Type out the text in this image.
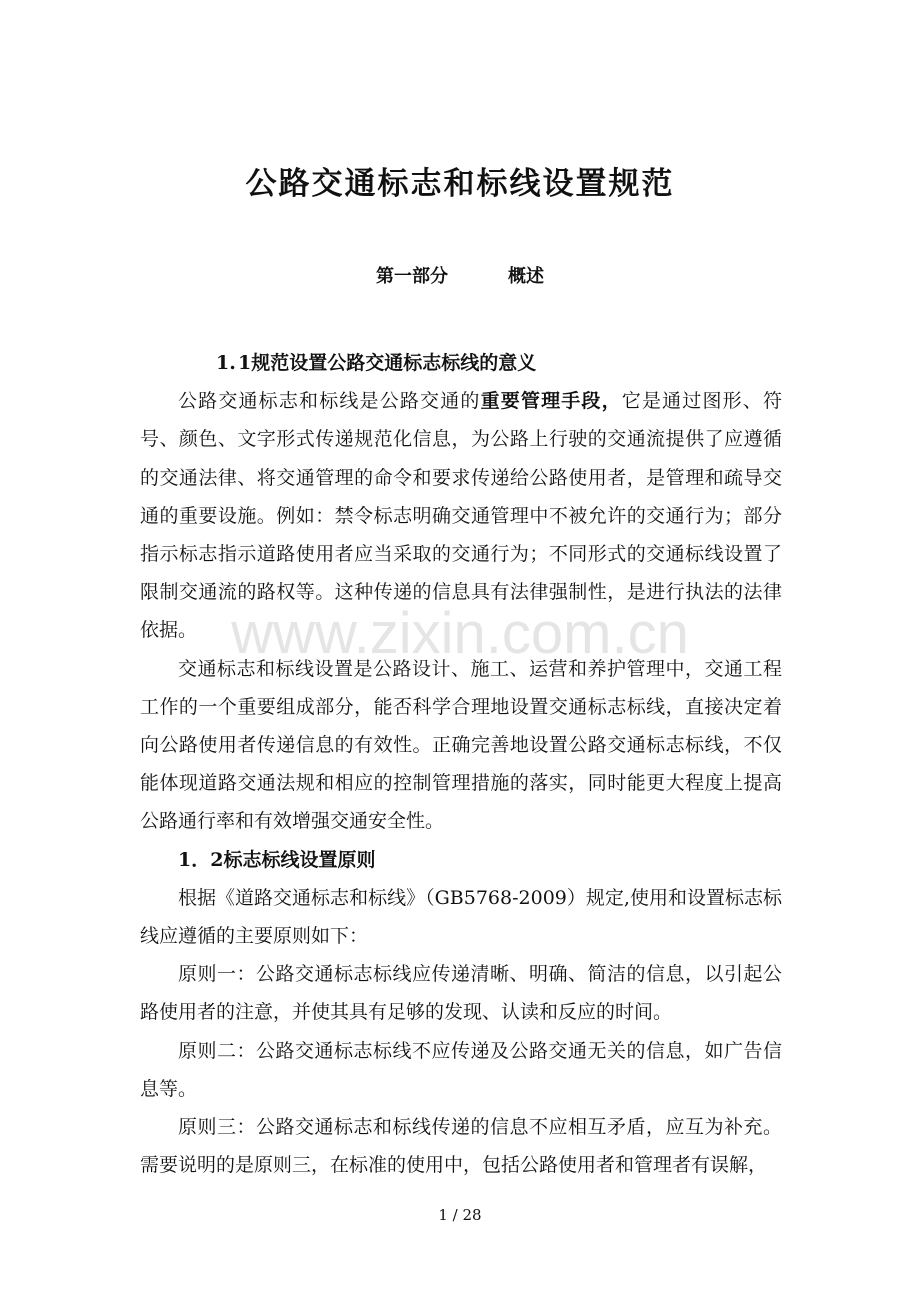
公路交通标志和标线设置规范
第一部分	概述

1. 1规范设置公路交通标志标线的意义

公路交通标志和标线是公路交通的重要管理手段，它是通过图形、符号、颜色、文字形式传递规范化信息，为公路上行驶的交通流提供了应遵循的交通法律、将交通管理的命令和要求传递给公路使用者，是管理和疏导交通的重要设施。例如：禁令标志明确交通管理中不被允许的交通行为；部分指示标志指示道路使用者应当采取的交通行为；不同形式的交通标线设置了限制交通流的路权等。这种传递的信息具有法律强制性，是进行执法的法律依据。

交通标志和标线设置是公路设计、施工、运营和养护管理中，交通工程工作的一个重要组成部分，能否科学合理地设置交通标志标线，直接决定着向公路使用者传递信息的有效性。正确完善地设置公路交通标志标线，不仅能体现道路交通法规和相应的控制管理措施的落实，同时能更大程度上提高公路通行率和有效增强交通安全性。

1．2标志标线设置原则

根据《道路交通标志和标线》（GB5768-2009）规定,使用和设置标志标线应遵循的主要原则如下：

原则一：公路交通标志标线应传递清晰、明确、简洁的信息，以引起公路使用者的注意，并使其具有足够的发现、认读和反应的时间。

原则二：公路交通标志标线不应传递及公路交通无关的信息，如广告信息等。

原则三：公路交通标志和标线传递的信息不应相互矛盾，应互为补充。需要说明的是原则三，在标准的使用中，包括公路使用者和管理者有误解，

www.zixin.com.cn
1 / 28
